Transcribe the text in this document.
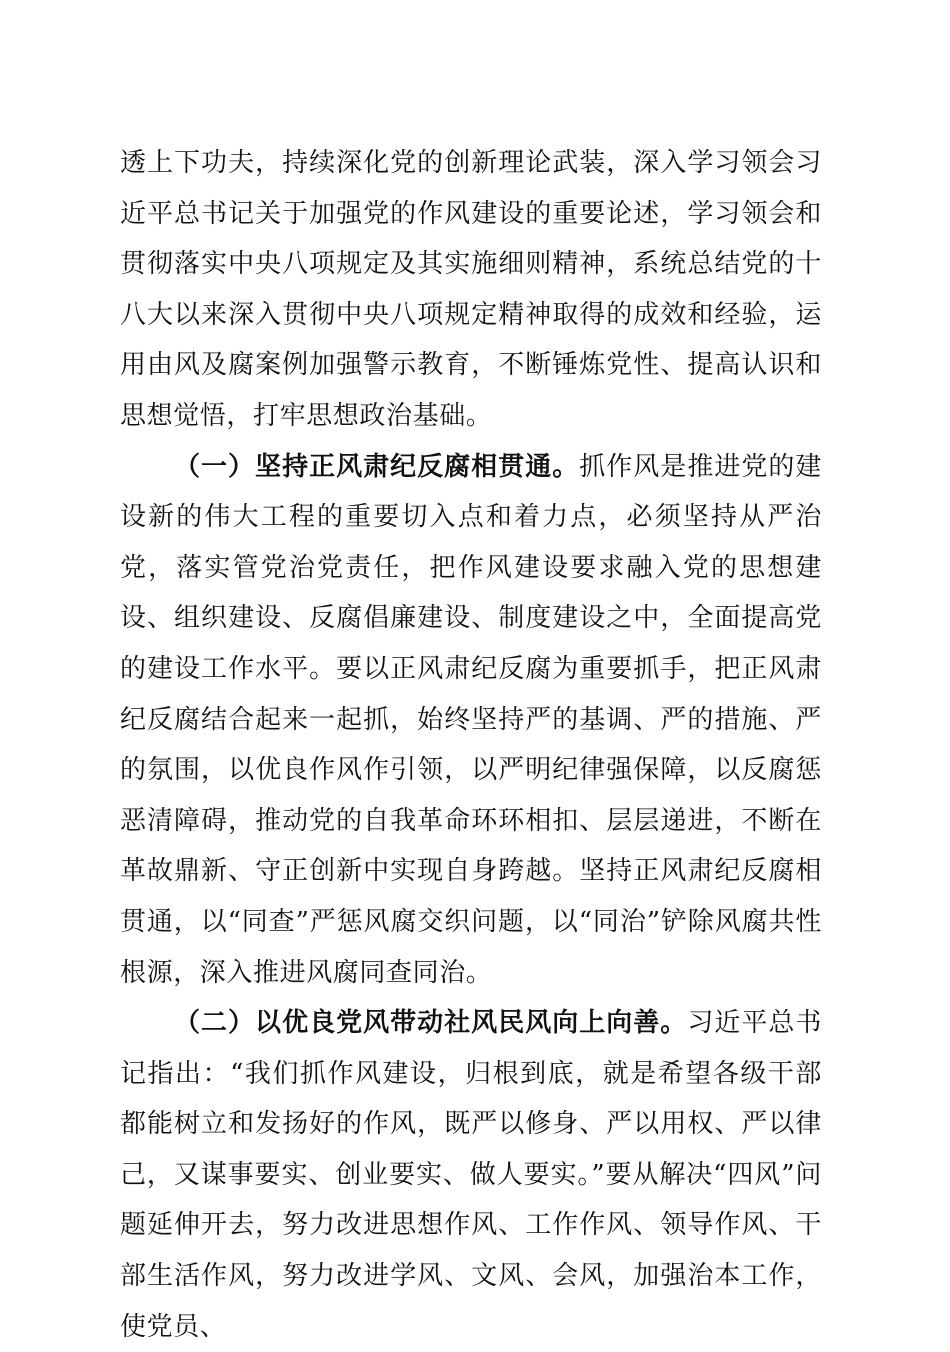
透上下功夫，持续深化党的创新理论武装，深入学习领会习近平总书记关于加强党的作风建设的重要论述，学习领会和贯彻落实中央八项规定及其实施细则精神，系统总结党的十八大以来深入贯彻中央八项规定精神取得的成效和经验，运用由风及腐案例加强警示教育，不断锤炼党性、提高认识和思想觉悟，打牢思想政治基础。

（一）坚持正风肃纪反腐相贯通。抓作风是推进党的建设新的伟大工程的重要切入点和着力点，必须坚持从严治党，落实管党治党责任，把作风建设要求融入党的思想建设、组织建设、反腐倡廉建设、制度建设之中，全面提高党的建设工作水平。要以正风肃纪反腐为重要抓手，把正风肃纪反腐结合起来一起抓，始终坚持严的基调、严的措施、严的氛围，以优良作风作引领，以严明纪律强保障，以反腐惩恶清障碍，推动党的自我革命环环相扣、层层递进，不断在革故鼎新、守正创新中实现自身跨越。坚持正风肃纪反腐相贯通，以“同查”严惩风腐交织问题，以“同治”铲除风腐共性根源，深入推进风腐同查同治。

（二）以优良党风带动社风民风向上向善。习近平总书记指出：“我们抓作风建设，归根到底，就是希望各级干部都能树立和发扬好的作风，既严以修身、严以用权、严以律己，又谋事要实、创业要实、做人要实。”要从解决“四风”问题延伸开去，努力改进思想作风、工作作风、领导作风、干部生活作风，努力改进学风、文风、会风，加强治本工作，使党员、
